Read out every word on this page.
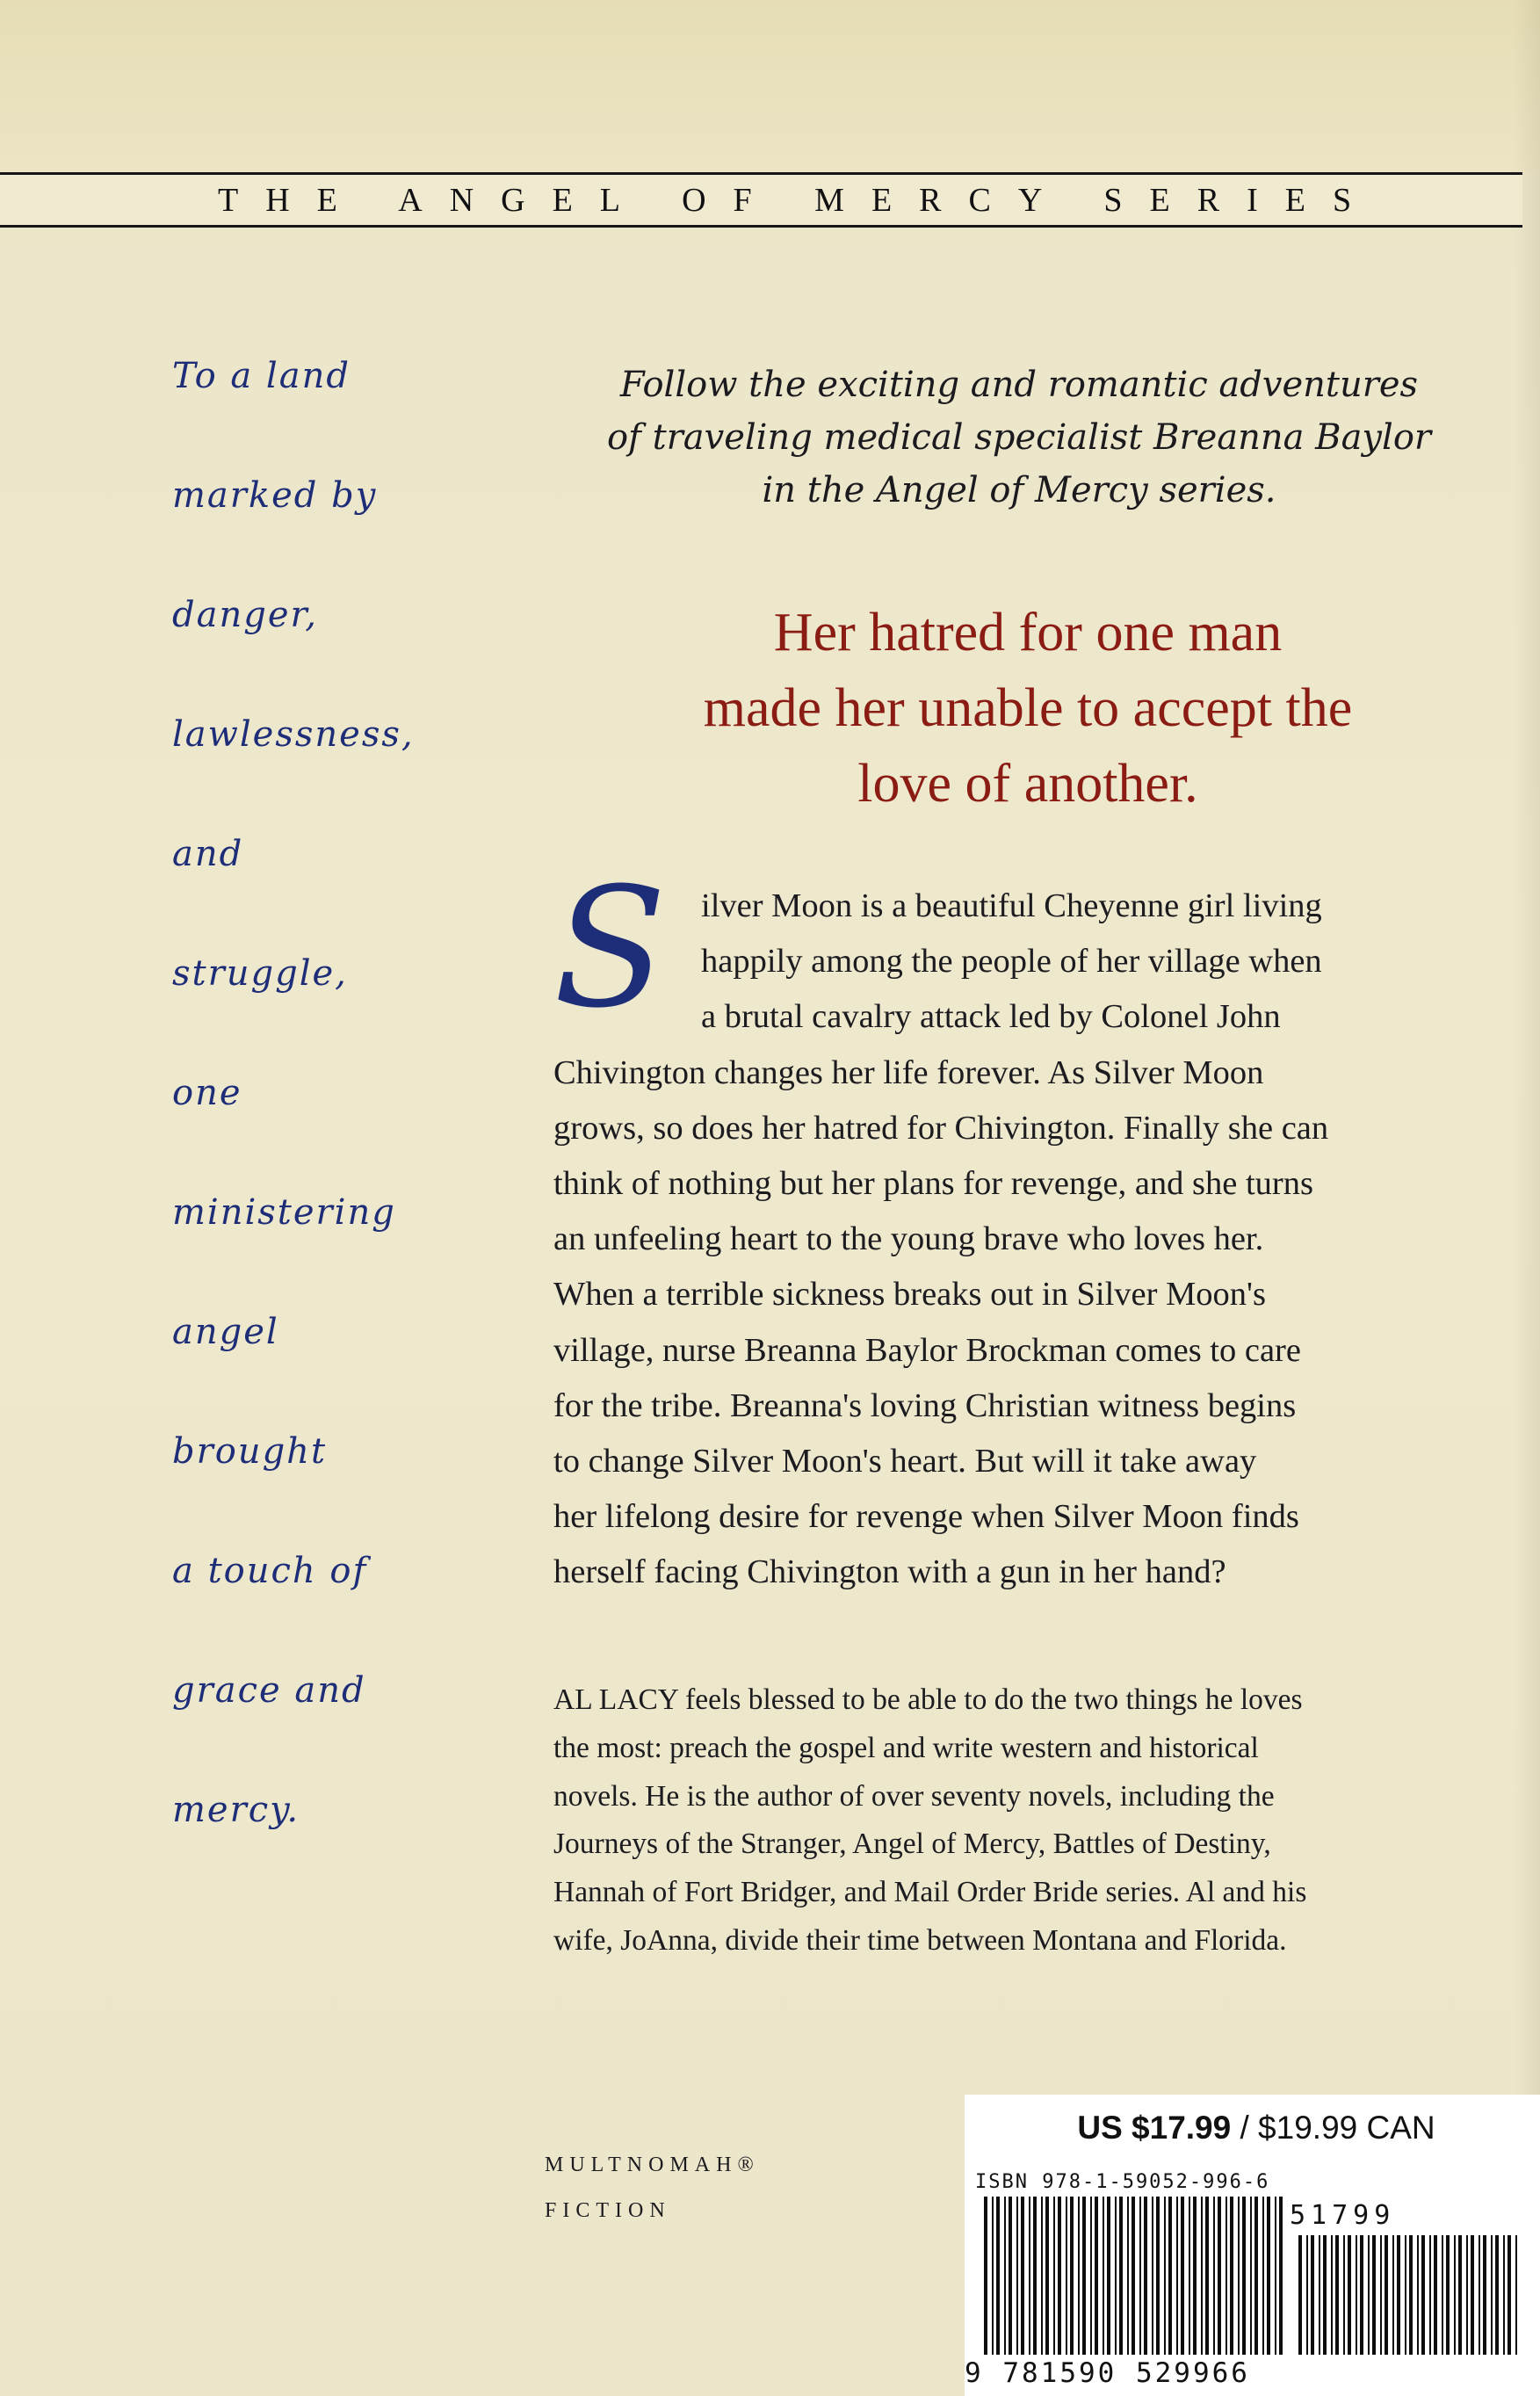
THE ANGEL OF MERCY SERIES
To a land
marked by
danger,
lawlessness,
and
struggle,
one
ministering
angel
brought
a touch of
grace and
mercy.
Follow the exciting and romantic adventures
of traveling medical specialist Breanna Baylor
in the Angel of Mercy series.
Her hatred for one man
made her unable to accept the
love of another.
S	ilver Moon is a beautiful Cheyenne girl living
happily among the people of her village when
a brutal cavalry attack led by Colonel John
Chivington changes her life forever. As Silver Moon
grows, so does her hatred for Chivington. Finally she can
think of nothing but her plans for revenge, and she turns
an unfeeling heart to the young brave who loves her.
When a terrible sickness breaks out in Silver Moon's
village, nurse Breanna Baylor Brockman comes to care
for the tribe. Breanna's loving Christian witness begins
to change Silver Moon's heart. But will it take away
her lifelong desire for revenge when Silver Moon finds
herself facing Chivington with a gun in her hand?
AL LACY feels blessed to be able to do the two things he loves
the most: preach the gospel and write western and historical
novels. He is the author of over seventy novels, including the
Journeys of the Stranger, Angel of Mercy, Battles of Destiny,
Hannah of Fort Bridger, and Mail Order Bride series. Al and his
wife, JoAnna, divide their time between Montana and Florida.
MULTNOMAH®
FICTION
US $17.99 / $19.99 CAN
ISBN 978-1-59052-996-6
51799
9 781590 529966
